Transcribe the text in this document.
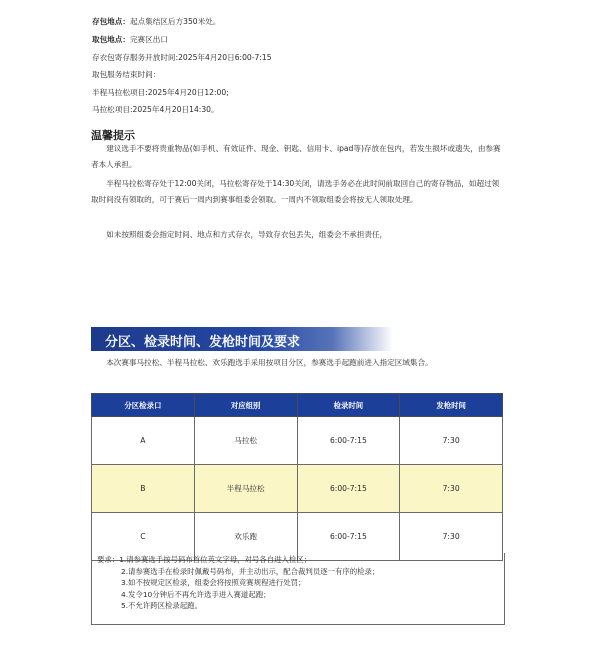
存包地点：起点集结区后方350米处。
取包地点：完赛区出口
存衣包寄存服务开放时间:2025年4月20日6:00-7:15
取包服务结束时间：
半程马拉松项目:2025年4月20日12:00;
马拉松项目:2025年4月20日14:30。
温馨提示
建议选手不要将贵重物品(如手机、有效证件、现金、钥匙、信用卡、ipad等)存放在包内，若发生损坏或遗失，由参赛者本人承担。
半程马拉松寄存处于12:00关闭，马拉松寄存处于14:30关闭，请选手务必在此时间前取回自己的寄存物品，如超过领取时间没有领取的，可于赛后一周内到赛事组委会领取。一周内不领取组委会将按无人领取处理。
如未按照组委会指定时间、地点和方式存衣，导致存衣包丢失，组委会不承担责任，
分区、检录时间、发枪时间及要求
本次赛事马拉松、半程马拉松、欢乐跑选手采用按项目分区，参赛选手起跑前进入指定区域集合。
分区检录口	对应组别	检录时间	发枪时间
A	马拉松	6:00-7:15	7:30
B	半程马拉松	6:00-7:15	7:30
C	欢乐跑	6:00-7:15	7:30
要求：1.请参赛选手按号码布首位英文字母，对号各自进入检区；
2.请参赛选手在检录时佩戴号码布，并主动出示，配合裁判员逐一有序的检录；
3.如不按规定区检录，组委会将按照竞赛规程进行处罚；
4.发令10分钟后不再允许选手进入赛道起跑；
5.不允许跨区检录起跑。
